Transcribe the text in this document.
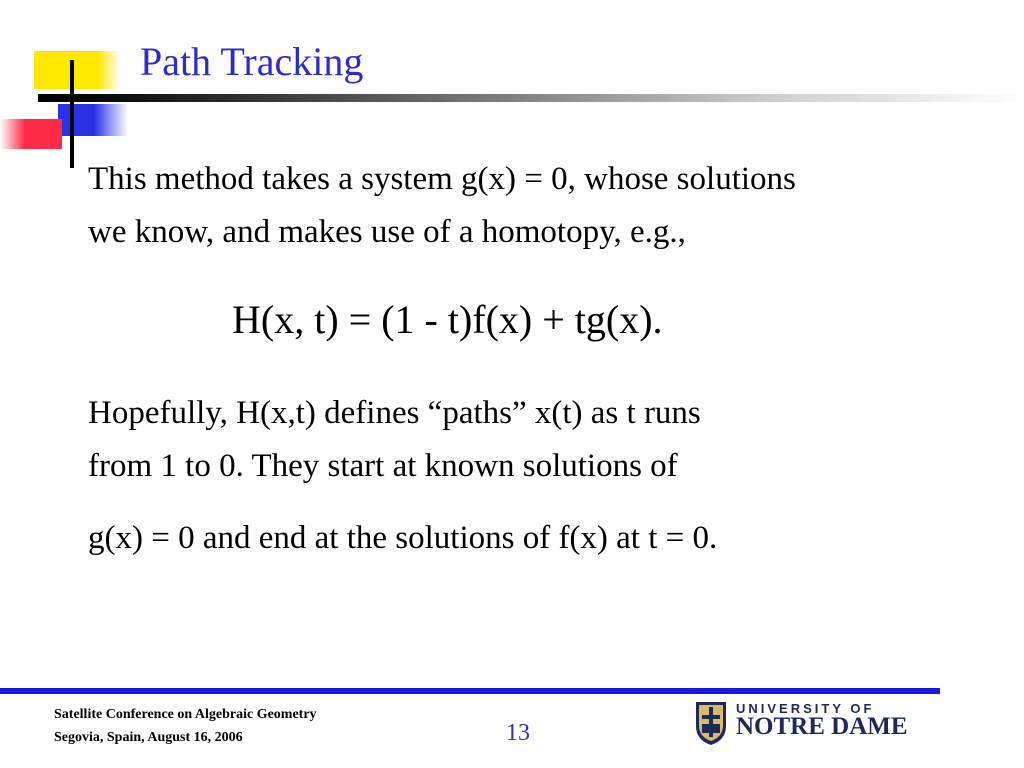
Path Tracking
This method takes a system g(x) = 0, whose solutions
we know, and makes use of a homotopy, e.g.,
H(x, t) = (1 - t)f(x) + tg(x).
Hopefully, H(x,t) defines “paths” x(t) as t runs
from 1 to 0. They start at known solutions of
g(x) = 0 and end at the solutions of f(x) at t = 0.
Satellite Conference on Algebraic Geometry
Segovia, Spain, August 16, 2006	13
UNIVERSITY OF
NOTRE DAME
